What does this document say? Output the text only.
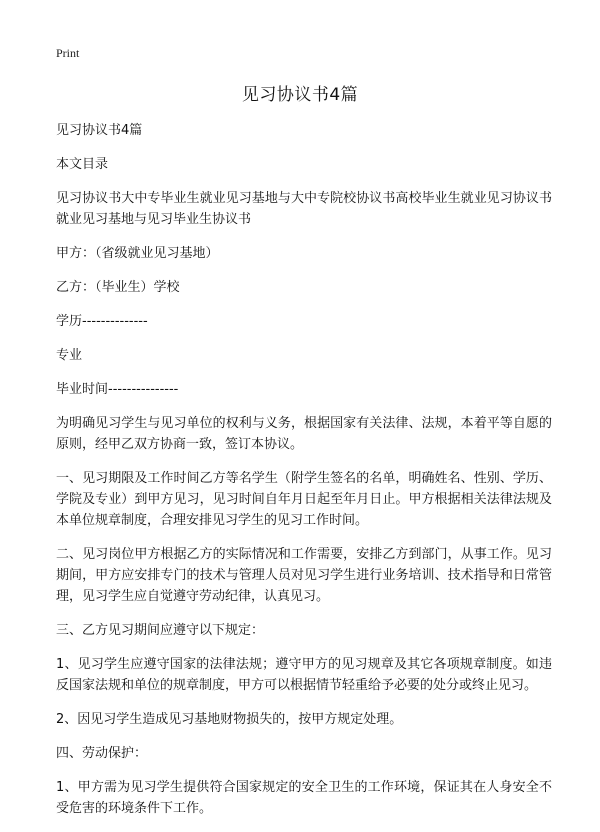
Print
见习协议书4篇

见习协议书4篇

本文目录

见习协议书大中专毕业生就业见习基地与大中专院校协议书高校毕业生就业见习协议书就业见习基地与见习毕业生协议书

甲方：（省级就业见习基地）

乙方：（毕业生）学校

学历--------------

专业

毕业时间---------------

为明确见习学生与见习单位的权利与义务，根据国家有关法律、法规，本着平等自愿的原则，经甲乙双方协商一致，签订本协议。

一、见习期限及工作时间乙方等名学生（附学生签名的名单，明确姓名、性别、学历、学院及专业）到甲方见习，见习时间自年月日起至年月日止。甲方根据相关法律法规及本单位规章制度，合理安排见习学生的见习工作时间。

二、见习岗位甲方根据乙方的实际情况和工作需要，安排乙方到部门，从事工作。见习期间，甲方应安排专门的技术与管理人员对见习学生进行业务培训、技术指导和日常管理，见习学生应自觉遵守劳动纪律，认真见习。

三、乙方见习期间应遵守以下规定：

1、见习学生应遵守国家的法律法规；遵守甲方的见习规章及其它各项规章制度。如违反国家法规和单位的规章制度，甲方可以根据情节轻重给予必要的处分或终止见习。

2、因见习学生造成见习基地财物损失的，按甲方规定处理。

四、劳动保护：

1、甲方需为见习学生提供符合国家规定的安全卫生的工作环境，保证其在人身安全不受危害的环境条件下工作。
